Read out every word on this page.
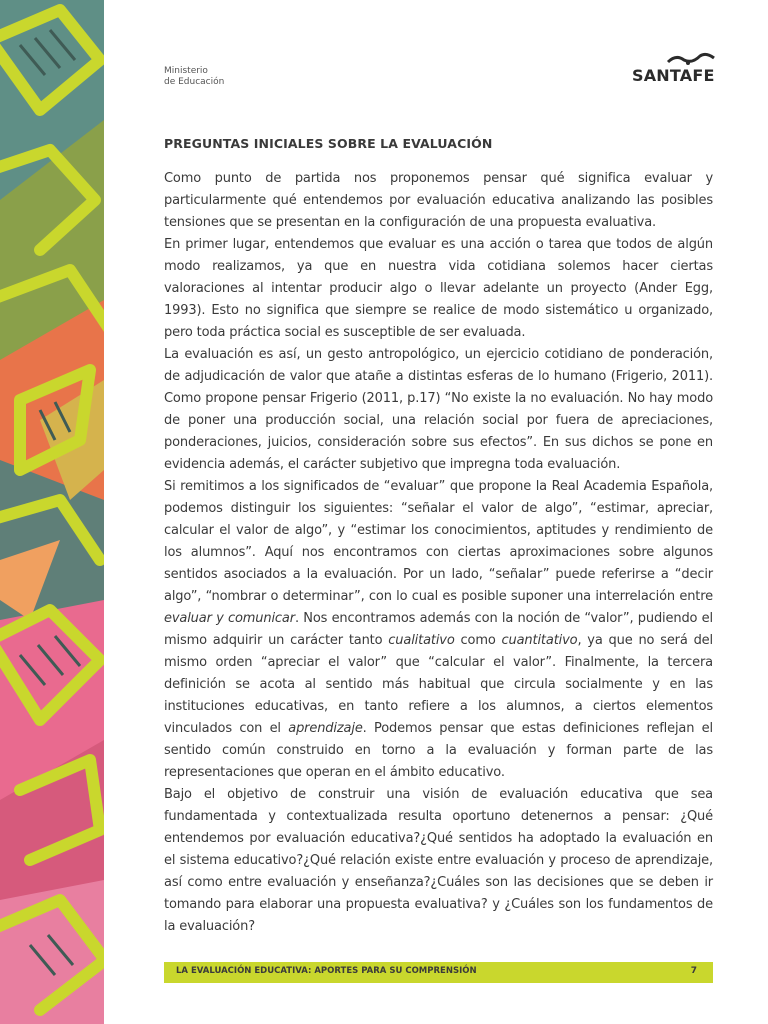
Ministerio
de Educación	SANTAFE
PREGUNTAS INICIALES SOBRE LA EVALUACIÓN

Como punto de partida nos proponemos pensar qué significa evaluar y particularmente qué entendemos por evaluación educativa analizando las posibles tensiones que se presentan en la configuración de una propuesta evaluativa.

En primer lugar, entendemos que evaluar es una acción o tarea que todos de algún modo realizamos, ya que en nuestra vida cotidiana solemos hacer ciertas valoraciones al intentar producir algo o llevar adelante un proyecto (Ander Egg, 1993). Esto no significa que siempre se realice de modo sistemático u organizado, pero toda práctica social es susceptible de ser evaluada.

La evaluación es así, un gesto antropológico, un ejercicio cotidiano de ponderación, de adjudicación de valor que atañe a distintas esferas de lo humano (Frigerio, 2011). Como propone pensar Frigerio (2011, p.17) “No existe la no evaluación. No hay modo de poner una producción social, una relación social por fuera de apreciaciones, ponderaciones, juicios, consideración sobre sus efectos”. En sus dichos se pone en evidencia además, el carácter subjetivo que impregna toda evaluación.

Si remitimos a los significados de “evaluar” que propone la Real Academia Española, podemos distinguir los siguientes: “señalar el valor de algo”, “estimar, apreciar, calcular el valor de algo”, y “estimar los conocimientos, aptitudes y rendimiento de los alumnos”. Aquí nos encontramos con ciertas aproximaciones sobre algunos sentidos asociados a la evaluación. Por un lado, “señalar” puede referirse a “decir algo”, “nombrar o determinar”, con lo cual es posible suponer una interrelación entre evaluar y comunicar. Nos encontramos además con la noción de “valor”, pudiendo el mismo adquirir un carácter tanto cualitativo como cuantitativo, ya que no será del mismo orden “apreciar el valor” que “calcular el valor”. Finalmente, la tercera definición se acota al sentido más habitual que circula socialmente y en las instituciones educativas, en tanto refiere a los alumnos, a ciertos elementos vinculados con el aprendizaje. Podemos pensar que estas definiciones reflejan el sentido común construido en torno a la evaluación y forman parte de las representaciones que operan en el ámbito educativo.

Bajo el objetivo de construir una visión de evaluación educativa que sea fundamentada y contextualizada resulta oportuno detenernos a pensar: ¿Qué entendemos por evaluación educativa?¿Qué sentidos ha adoptado la evaluación en el sistema educativo?¿Qué relación existe entre evaluación y proceso de aprendizaje, así como entre evaluación y enseñanza?¿Cuáles son las decisiones que se deben ir tomando para elaborar una propuesta evaluativa? y ¿Cuáles son los fundamentos de la evaluación?

LA EVALUACIÓN EDUCATIVA: APORTES PARA SU COMPRENSIÓN	7
